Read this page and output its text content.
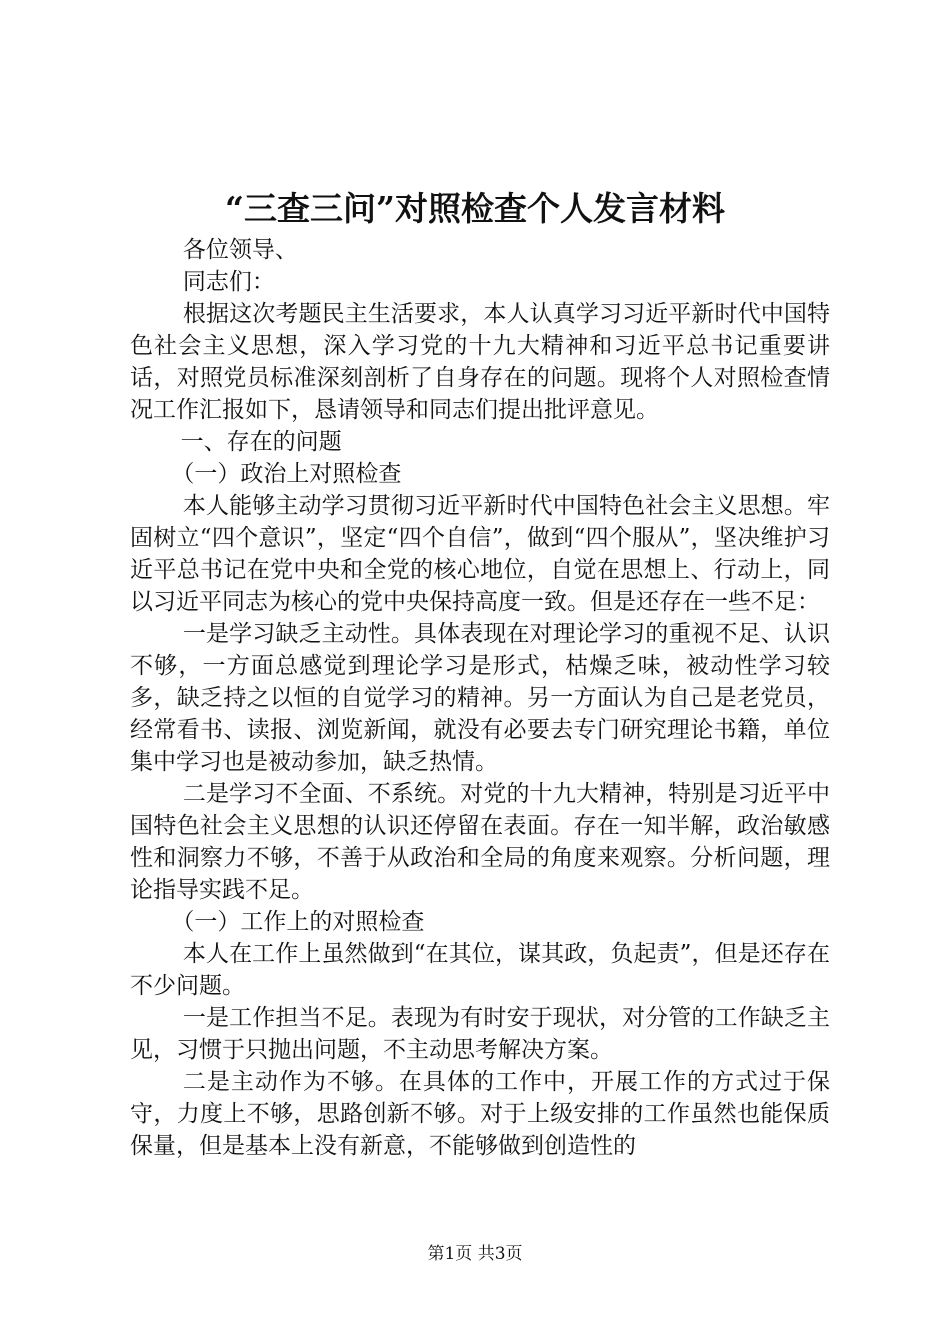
“三查三问”对照检查个人发言材料

各位领导、

同志们：

根据这次考题民主生活要求，本人认真学习习近平新时代中国特色社会主义思想，深入学习党的十九大精神和习近平总书记重要讲话，对照党员标准深刻剖析了自身存在的问题。现将个人对照检查情况工作汇报如下，恳请领导和同志们提出批评意见。

一、存在的问题

（一）政治上对照检查

本人能够主动学习贯彻习近平新时代中国特色社会主义思想。牢固树立“四个意识”，坚定“四个自信”，做到“四个服从”，坚决维护习近平总书记在党中央和全党的核心地位，自觉在思想上、行动上，同以习近平同志为核心的党中央保持高度一致。但是还存在一些不足：

一是学习缺乏主动性。具体表现在对理论学习的重视不足、认识不够，一方面总感觉到理论学习是形式，枯燥乏味，被动性学习较多，缺乏持之以恒的自觉学习的精神。另一方面认为自己是老党员，经常看书、读报、浏览新闻，就没有必要去专门研究理论书籍，单位集中学习也是被动参加，缺乏热情。

二是学习不全面、不系统。对党的十九大精神，特别是习近平中国特色社会主义思想的认识还停留在表面。存在一知半解，政治敏感性和洞察力不够，不善于从政治和全局的角度来观察。分析问题，理论指导实践不足。

（一）工作上的对照检查

本人在工作上虽然做到“在其位，谋其政，负起责”，但是还存在不少问题。

一是工作担当不足。表现为有时安于现状，对分管的工作缺乏主见，习惯于只抛出问题，不主动思考解决方案。

二是主动作为不够。在具体的工作中，开展工作的方式过于保守，力度上不够，思路创新不够。对于上级安排的工作虽然也能保质保量，但是基本上没有新意，不能够做到创造性的

第1页 共3页
